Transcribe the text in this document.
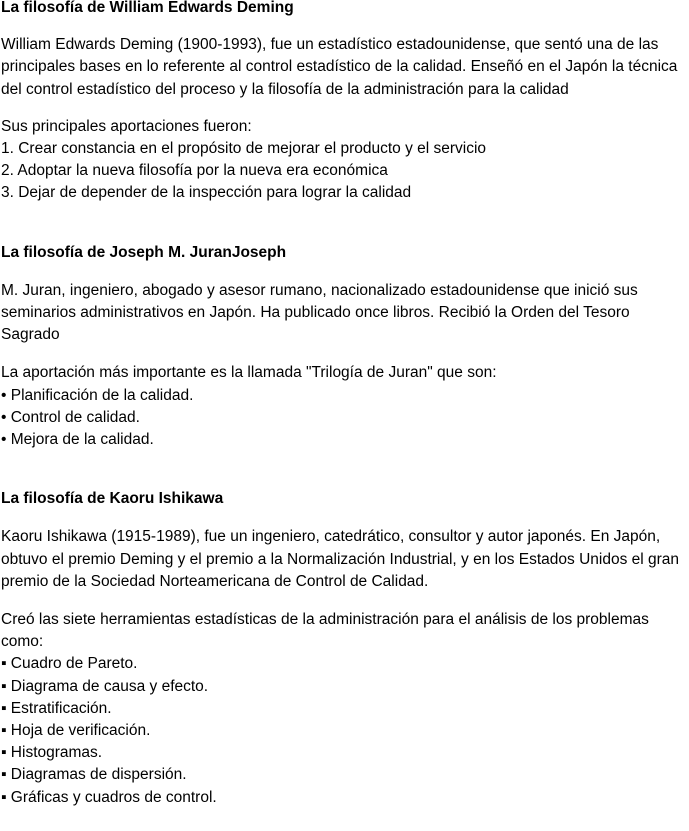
La filosofía de William Edwards Deming

William Edwards Deming (1900-1993), fue un estadístico estadounidense, que sentó una de las principales bases en lo referente al control estadístico de la calidad. Enseñó en el Japón la técnica del control estadístico del proceso y la filosofía de la administración para la calidad

Sus principales aportaciones fueron:

1. Crear constancia en el propósito de mejorar el producto y el servicio
2. Adoptar la nueva filosofía por la nueva era económica
3. Dejar de depender de la inspección para lograr la calidad
La filosofía de Joseph M. JuranJoseph

M. Juran, ingeniero, abogado y asesor rumano, nacionalizado estadounidense que inició sus seminarios administrativos en Japón. Ha publicado once libros. Recibió la Orden del Tesoro Sagrado

La aportación más importante es la llamada "Trilogía de Juran" que son:

• Planificación de la calidad.
• Control de calidad.
• Mejora de la calidad.
La filosofía de Kaoru Ishikawa

Kaoru Ishikawa (1915-1989), fue un ingeniero, catedrático, consultor y autor japonés. En Japón, obtuvo el premio Deming y el premio a la Normalización Industrial, y en los Estados Unidos el gran premio de la Sociedad Norteamericana de Control de Calidad.

Creó las siete herramientas estadísticas de la administración para el análisis de los problemas como:

▪ Cuadro de Pareto.
▪ Diagrama de causa y efecto.
▪ Estratificación.
▪ Hoja de verificación.
▪ Histogramas.
▪ Diagramas de dispersión.
▪ Gráficas y cuadros de control.
